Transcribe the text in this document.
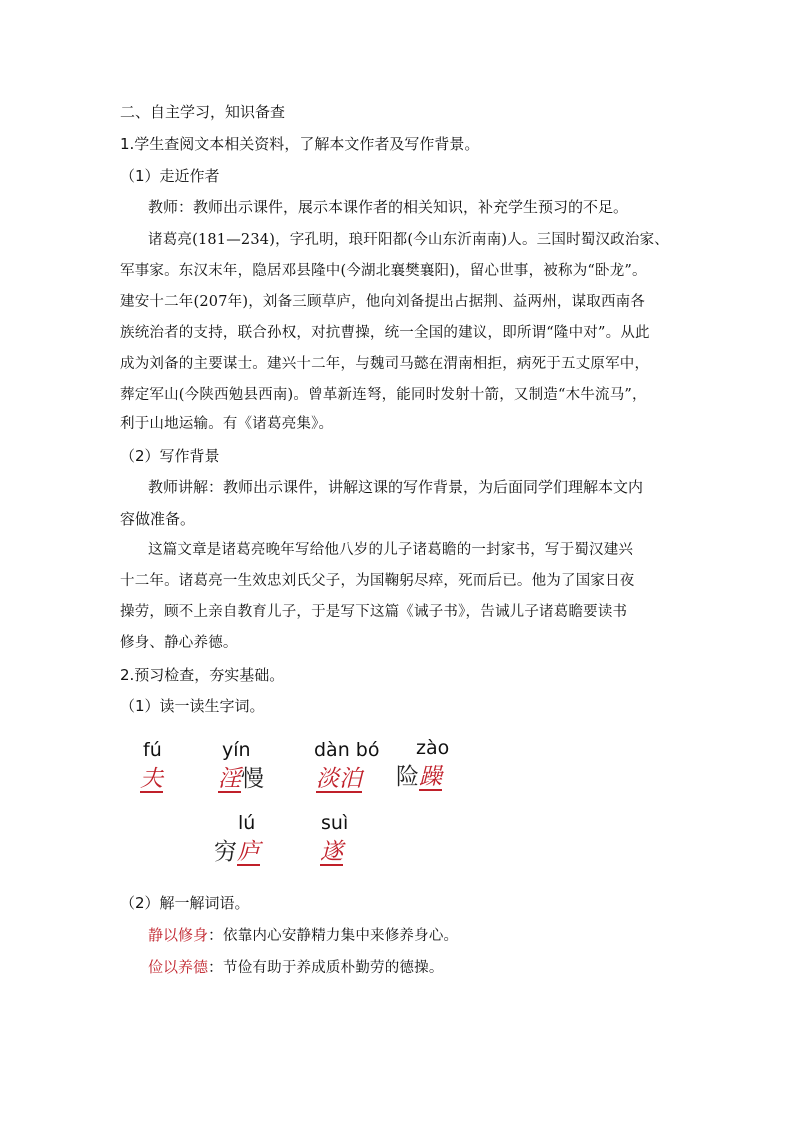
二、自主学习，知识备查
1.学生查阅文本相关资料，了解本文作者及写作背景。
（1）走近作者
教师：教师出示课件，展示本课作者的相关知识，补充学生预习的不足。
诸葛亮(181—234)，字孔明，琅玕阳都(今山东沂南南)人。三国时蜀汉政治家、
军事家。东汉末年，隐居邓县隆中(今湖北襄樊襄阳)，留心世事，被称为“卧龙”。
建安十二年(207年)，刘备三顾草庐，他向刘备提出占据荆、益两州，谋取西南各
族统治者的支持，联合孙权，对抗曹操，统一全国的建议，即所谓“隆中对”。从此
成为刘备的主要谋士。建兴十二年，与魏司马懿在渭南相拒，病死于五丈原军中，
葬定军山(今陕西勉县西南)。曾革新连弩，能同时发射十箭，又制造“木牛流马”，
利于山地运输。有《诸葛亮集》。
（2）写作背景
教师讲解：教师出示课件，讲解这课的写作背景，为后面同学们理解本文内
容做准备。
这篇文章是诸葛亮晚年写给他八岁的儿子诸葛瞻的一封家书，写于蜀汉建兴
十二年。诸葛亮一生效忠刘氏父子，为国鞠躬尽瘁，死而后已。他为了国家日夜
操劳，顾不上亲自教育儿子，于是写下这篇《诫子书》，告诫儿子诸葛瞻要读书
修身、静心养德。
2.预习检查，夯实基础。
（1）读一读生字词。
fú
夫
yín
淫慢
dàn bó
淡泊
zào
险躁
lú
穷庐
suì
遂
（2）解一解词语。
静以修身：依靠内心安静精力集中来修养身心。
俭以养德：节俭有助于养成质朴勤劳的德操。
